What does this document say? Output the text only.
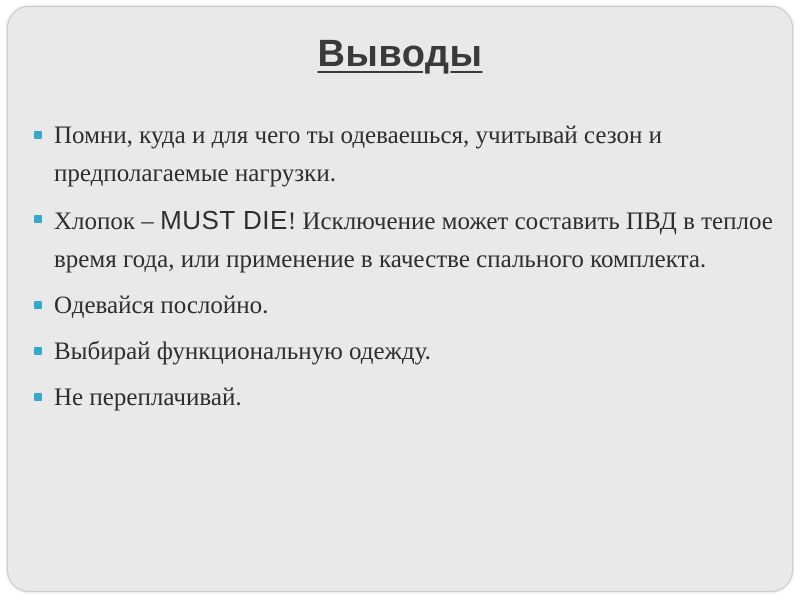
Выводы
Помни, куда и для чего ты одеваешься, учитывай сезон и предполагаемые нагрузки.
Хлопок – MUST DIE! Исключение может составить ПВД в теплое время года, или применение в качестве спального комплекта.
Одевайся послойно.
Выбирай функциональную одежду.
Не переплачивай.
